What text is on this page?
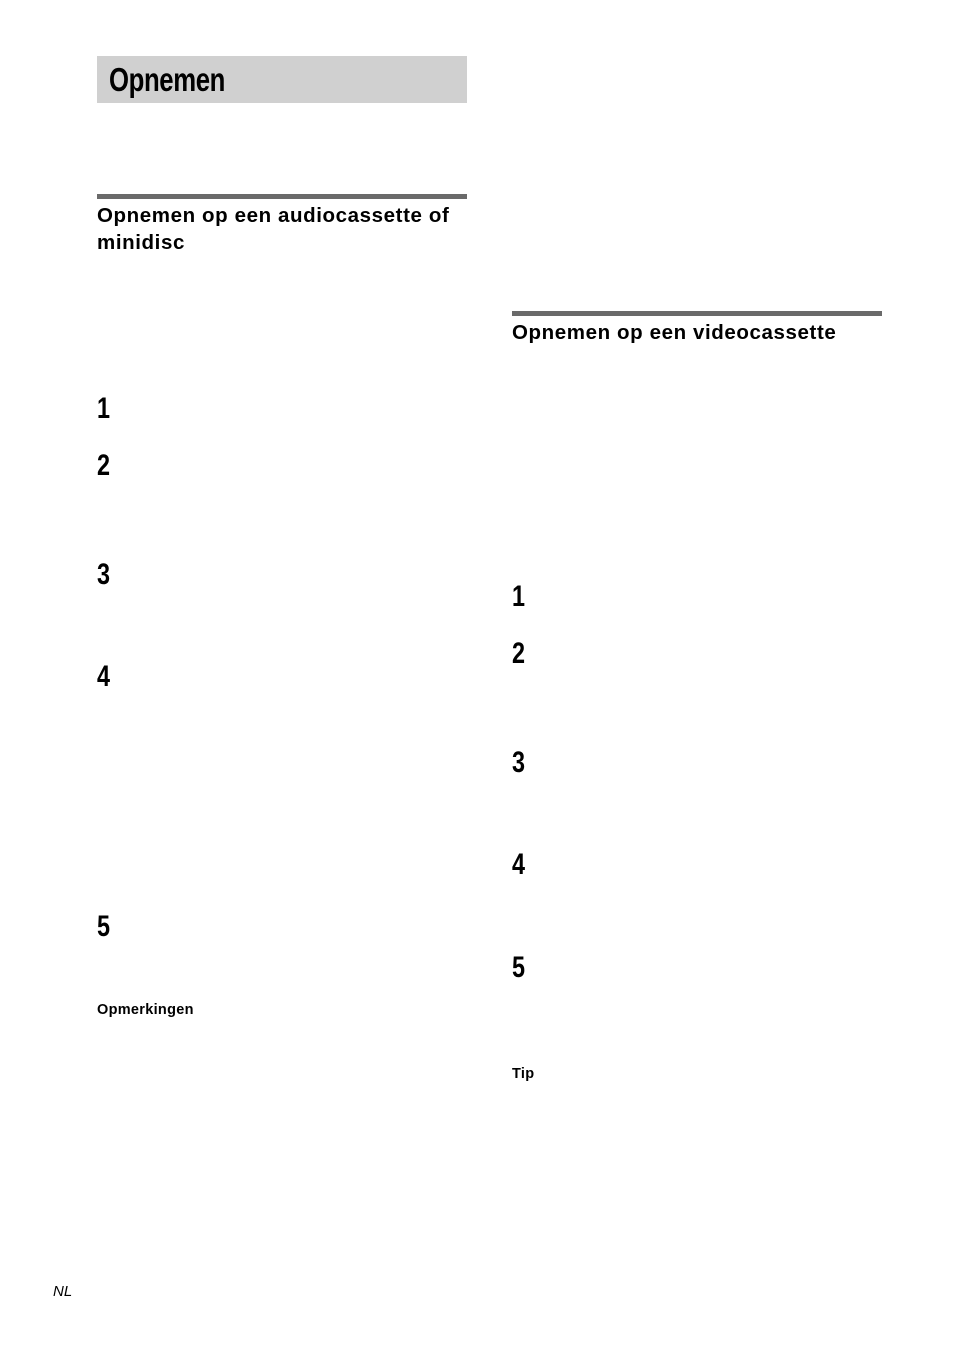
Opnemen
Opnemen op een audiocassette of minidisc
1
2
3
4
5
Opmerkingen
Opnemen op een videocassette
1
2
3
4
5
Tip
NL
